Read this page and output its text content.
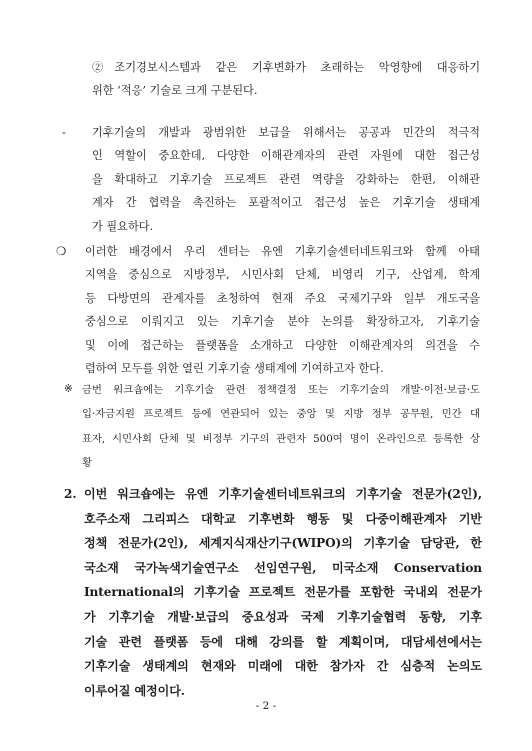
②조기경보시스템과 같은 기후변화가 초래하는 악영향에 대응하기
위한 ‘적응’ 기술로 크게 구분된다.
- 기후기술의 개발과 광범위한 보급을 위해서는 공공과 민간의 적극적
인 역할이 중요한데, 다양한 이해관계자의 관련 자원에 대한 접근성
을 확대하고 기후기술 프로젝트 관련 역량을 강화하는 한편, 이해관
계자 간 협력을 촉진하는 포괄적이고 접근성 높은 기후기술 생태계
가 필요하다.
❍ 이러한 배경에서 우리 센터는 유엔 기후기술센터네트워크와 함께 아태
지역을 중심으로 지방정부, 시민사회 단체, 비영리 기구, 산업계, 학계
등 다방면의 관계자를 초청하여 현재 주요 국제기구와 일부 개도국을
중심으로 이뤄지고 있는 기후기술 분야 논의를 확장하고자, 기후기술
및 이에 접근하는 플랫폼을 소개하고 다양한 이해관계자의 의견을 수
렴하여 모두를 위한 열린 기후기술 생태계에 기여하고자 한다.
※ 금번 워크숍에는 기후기술 관련 정책결정 또는 기후기술의 개발·이전·보급·도
입·자금지원 프로젝트 등에 연관되어 있는 중앙 및 지방 정부 공무원, 민간 대
표자, 시민사회 단체 및 비정부 기구의 관련자 500여 명이 온라인으로 등록한 상
황
2. 이번 워크숍에는 유엔 기후기술센터네트워크의 기후기술 전문가(2인),
호주소재 그리피스 대학교 기후변화 행동 및 다중이해관계자 기반
정책 전문가(2인), 세계지식재산기구(WIPO)의 기후기술 담당관, 한
국소재 국가녹색기술연구소 선임연구원, 미국소재 Conservation
International의 기후기술 프로젝트 전문가를 포함한 국내외 전문가
가 기후기술 개발·보급의 중요성과 국제 기후기술협력 동향, 기후
기술 관련 플랫폼 등에 대해 강의를 할 계획이며, 대담세션에서는
기후기술 생태계의 현재와 미래에 대한 참가자 간 심층적 논의도
이루어질 예정이다.
- 2 -
